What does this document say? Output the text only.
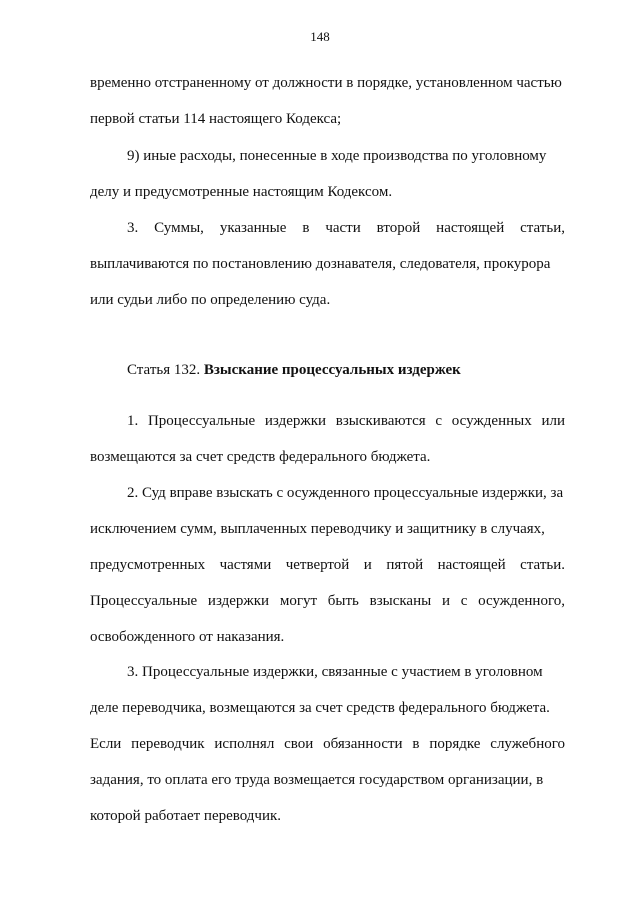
148
временно отстраненному от должности в порядке, установленном частью
первой статьи 114 настоящего Кодекса;
9) иные расходы, понесенные в ходе производства по уголовному
делу и предусмотренные настоящим Кодексом.
3. Суммы, указанные в части второй настоящей статьи,
выплачиваются по постановлению дознавателя, следователя, прокурора
или судьи либо по определению суда.
Статья 132. Взыскание процессуальных издержек
1. Процессуальные издержки взыскиваются с осужденных или
возмещаются за счет средств федерального бюджета.
2. Суд вправе взыскать с осужденного процессуальные издержки, за
исключением сумм, выплаченных переводчику и защитнику в случаях,
предусмотренных частями четвертой и пятой настоящей статьи.
Процессуальные издержки могут быть взысканы и с осужденного,
освобожденного от наказания.
3. Процессуальные издержки, связанные с участием в уголовном
деле переводчика, возмещаются за счет средств федерального бюджета.
Если переводчик исполнял свои обязанности в порядке служебного
задания, то оплата его труда возмещается государством организации, в
которой работает переводчик.
